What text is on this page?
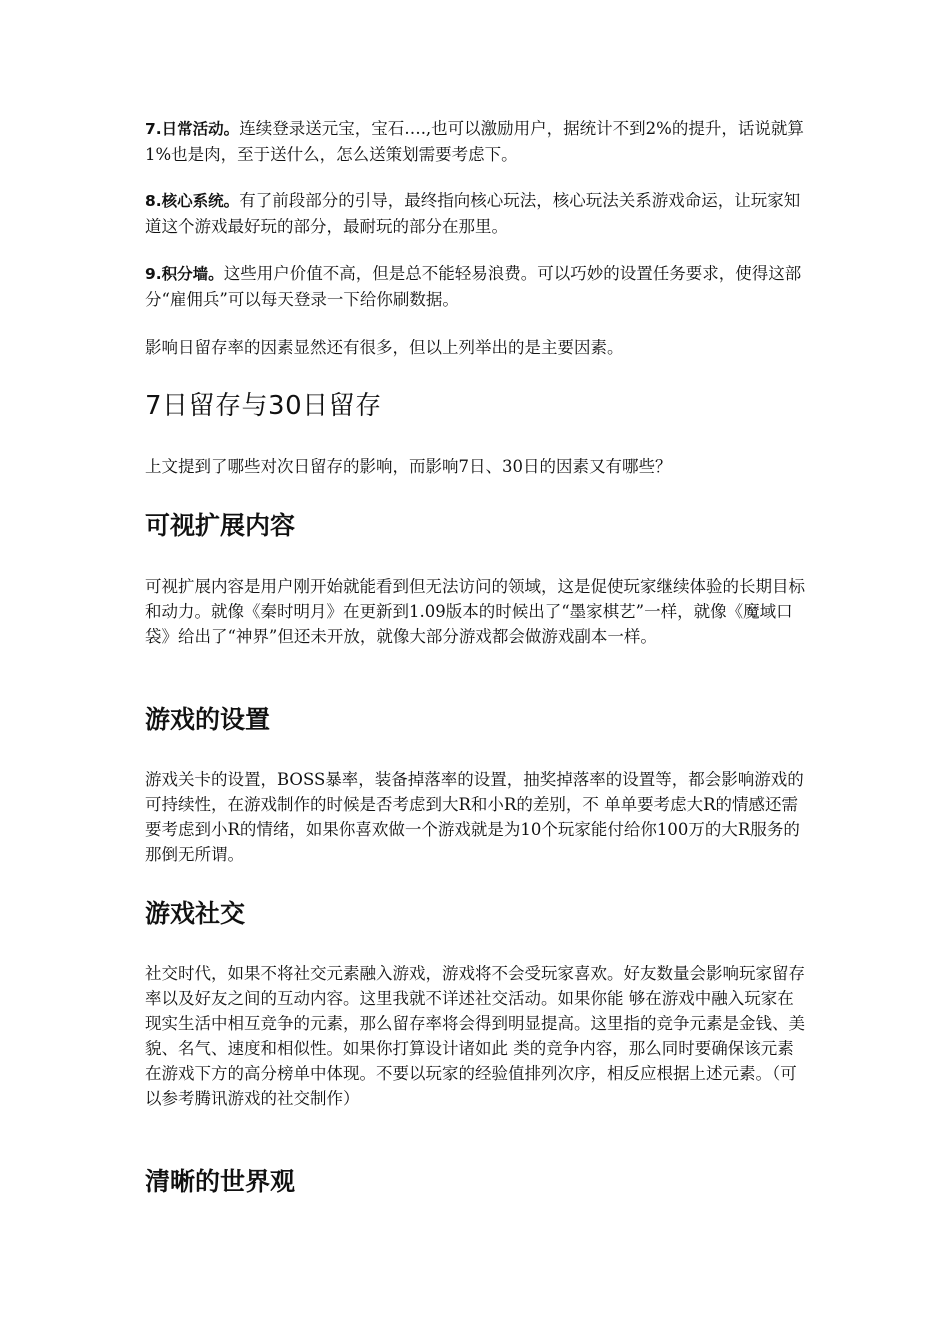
7.日常活动。连续登录送元宝，宝石….,也可以激励用户，据统计不到2%的提升，话说就算1%也是肉，至于送什么，怎么送策划需要考虑下。

8.核心系统。有了前段部分的引导，最终指向核心玩法，核心玩法关系游戏命运，让玩家知道这个游戏最好玩的部分，最耐玩的部分在那里。

9.积分墙。这些用户价值不高，但是总不能轻易浪费。可以巧妙的设置任务要求，使得这部分“雇佣兵”可以每天登录一下给你刷数据。

影响日留存率的因素显然还有很多，但以上列举出的是主要因素。

7日留存与30日留存

上文提到了哪些对次日留存的影响，而影响7日、30日的因素又有哪些？

可视扩展内容

可视扩展内容是用户刚开始就能看到但无法访问的领域，这是促使玩家继续体验的长期目标和动力。就像《秦时明月》在更新到1.09版本的时候出了“墨家棋艺”一样，就像《魔域口袋》给出了“神界”但还未开放，就像大部分游戏都会做游戏副本一样。

游戏的设置

游戏关卡的设置，BOSS暴率，装备掉落率的设置，抽奖掉落率的设置等，都会影响游戏的可持续性，在游戏制作的时候是否考虑到大R和小R的差别，不 单单要考虑大R的情感还需要考虑到小R的情绪，如果你喜欢做一个游戏就是为10个玩家能付给你100万的大R服务的那倒无所谓。

游戏社交

社交时代，如果不将社交元素融入游戏，游戏将不会受玩家喜欢。好友数量会影响玩家留存率以及好友之间的互动内容。这里我就不详述社交活动。如果你能 够在游戏中融入玩家在现实生活中相互竞争的元素，那么留存率将会得到明显提高。这里指的竞争元素是金钱、美貌、名气、速度和相似性。如果你打算设计诸如此 类的竞争内容，那么同时要确保该元素在游戏下方的高分榜单中体现。不要以玩家的经验值排列次序，相反应根据上述元素。（可以参考腾讯游戏的社交制作）

清晰的世界观
